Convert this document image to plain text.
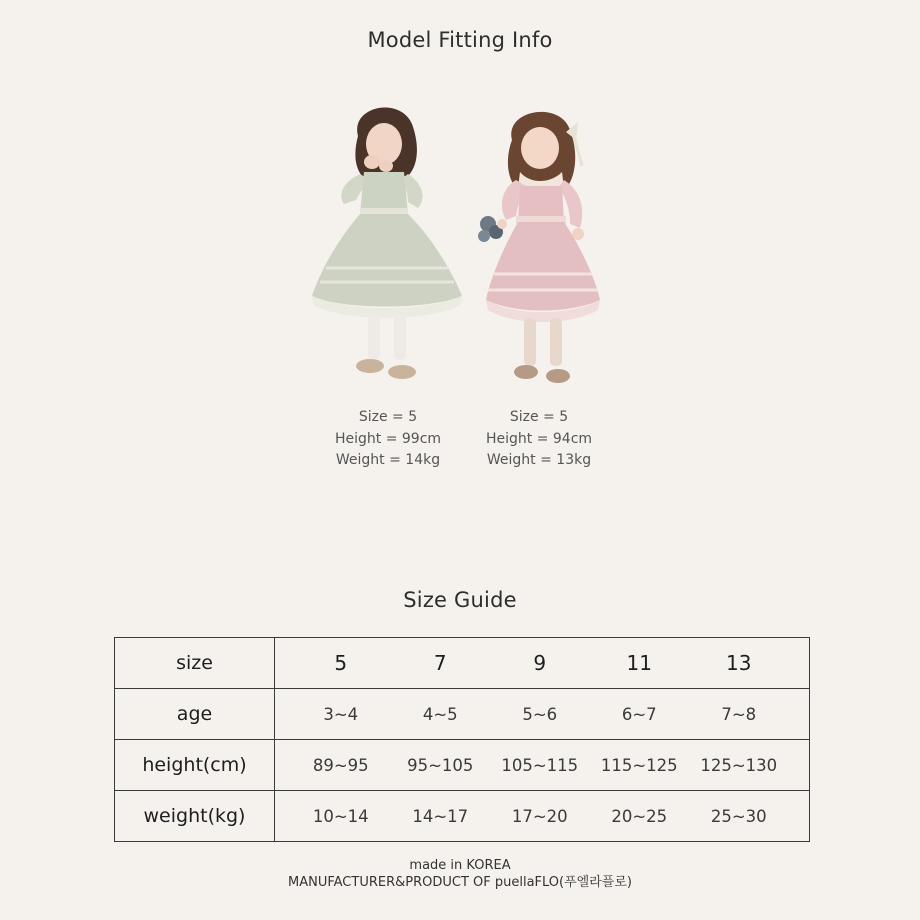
Model Fitting Info
Size = 5
Height = 99cm
Weight = 14kg
Size = 5
Height = 94cm
Weight = 13kg
Size Guide
size	5 7 9 11 13

age	3~4 4~5 5~6 6~7 7~8

height(cm)	89~95 95~105 105~115 115~125 125~130

weight(kg)	10~14 14~17 17~20 20~25 25~30
made in KOREA
MANUFACTURER&PRODUCT OF puellaFLO(푸엘라플로)
